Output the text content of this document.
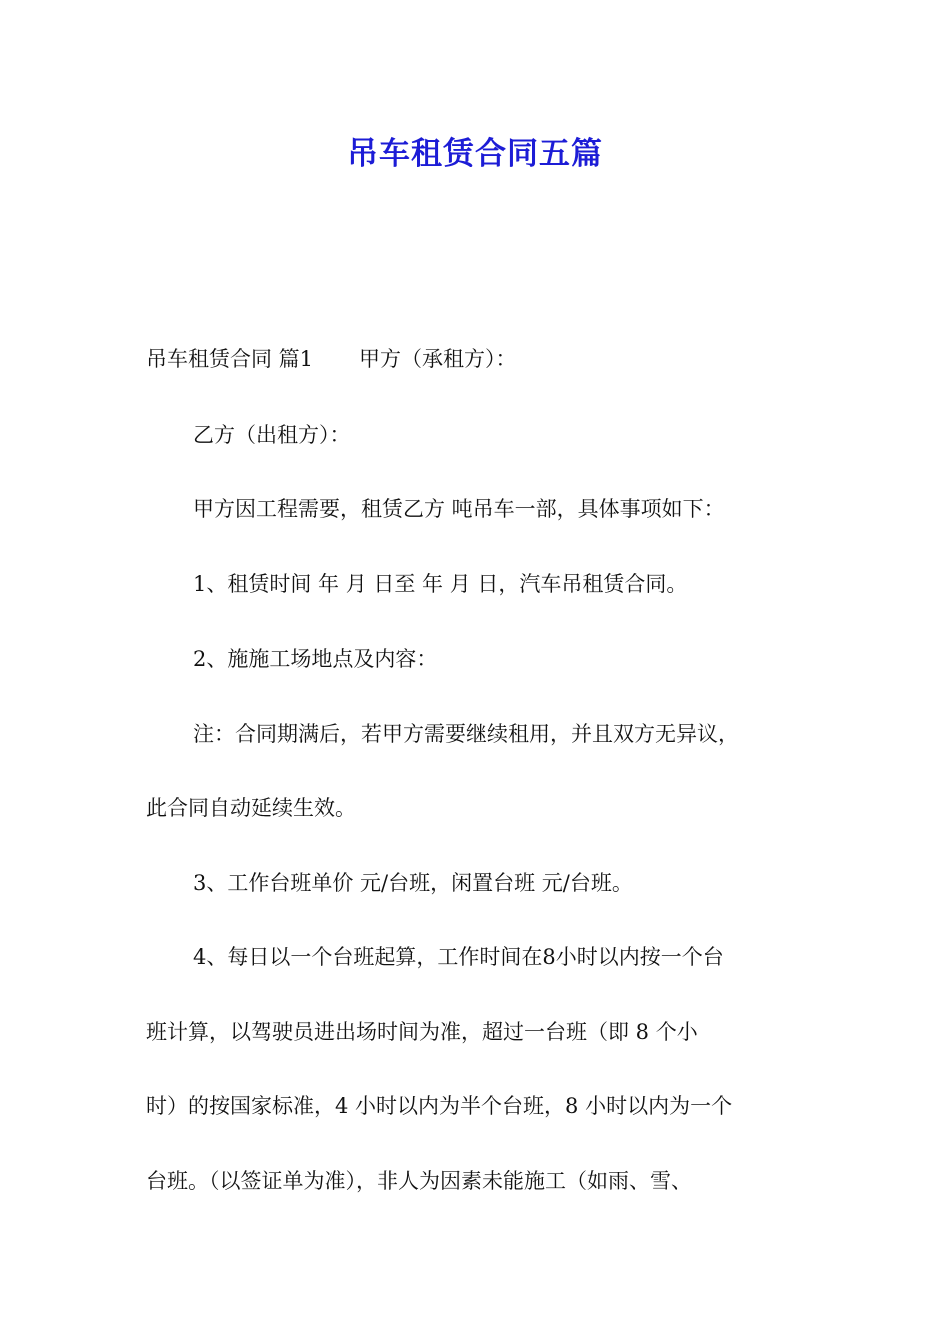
吊车租赁合同五篇
吊车租赁合同 篇1 甲方（承租方）：
乙方（出租方）：
甲方因工程需要，租赁乙方 吨吊车一部，具体事项如下：
1、租赁时间 年 月 日至 年 月 日，汽车吊租赁合同。
2、施施工场地点及内容：
注：合同期满后，若甲方需要继续租用，并且双方无异议，
此合同自动延续生效。
3、工作台班单价 元/台班，闲置台班 元/台班。
4、每日以一个台班起算，工作时间在8小时以内按一个台
班计算，以驾驶员进出场时间为准，超过一台班（即 8 个小
时）的按国家标准，4 小时以内为半个台班，8 小时以内为一个
台班。（以签证单为准），非人为因素未能施工（如雨、雪、
